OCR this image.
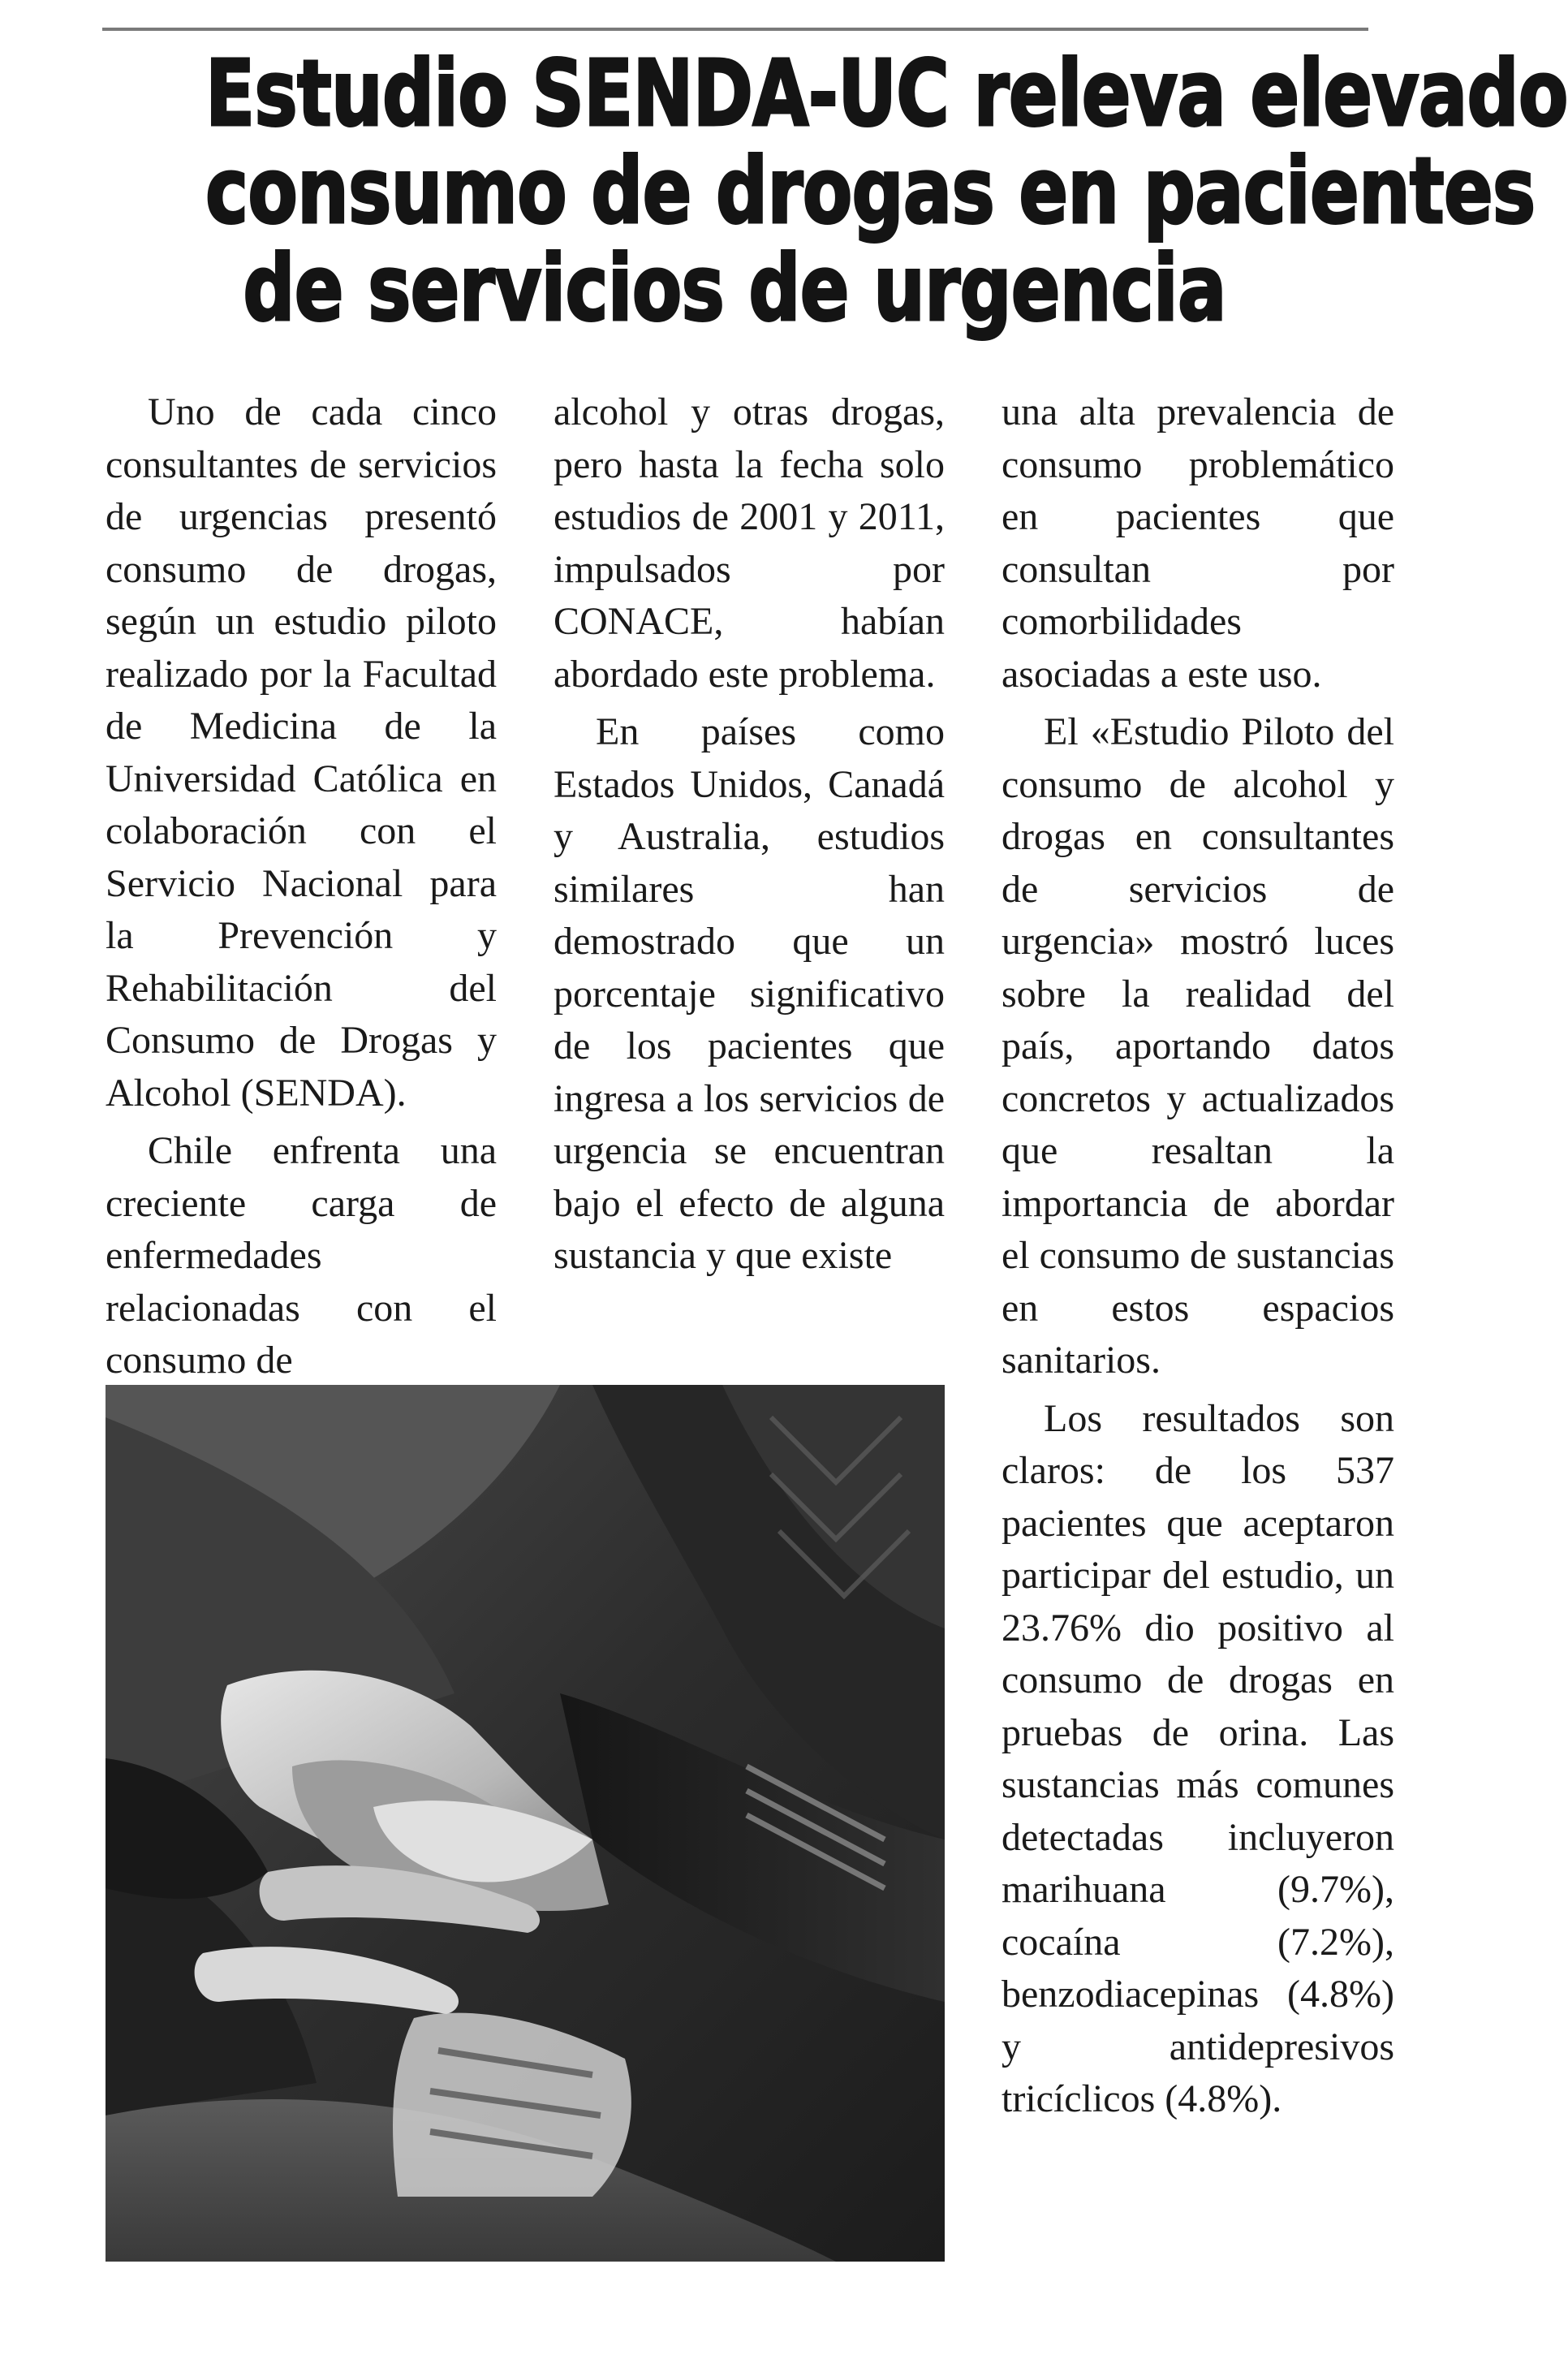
Estudio SENDA-UC releva elevado
consumo de drogas en pacientes
de servicios de urgencia

Uno de cada cinco consultantes de servicios de urgencias presentó consumo de drogas, según un estudio piloto realizado por la Facultad de Medicina de la Universidad Católica en colaboración con el Servicio Nacional para la Prevención y Rehabilitación del Consumo de Drogas y Alcohol (SENDA).

Chile enfrenta una creciente carga de enfermedades relacionadas con el consumo de

alcohol y otras drogas, pero hasta la fecha solo estudios de 2001 y 2011, impulsados por CONACE, habían abordado este problema.

En países como Estados Unidos, Canadá y Australia, estudios similares han demostrado que un porcentaje significativo de los pacientes que ingresa a los servicios de urgencia se encuentran bajo el efecto de alguna sustancia y que existe

una alta prevalencia de consumo problemático en pacientes que consultan por comorbilidades asociadas a este uso.

El «Estudio Piloto del consumo de alcohol y drogas en consultantes de servicios de urgencia» mostró luces sobre la realidad del país, aportando datos concretos y actualizados que resaltan la importancia de abordar el consumo de sustancias en estos espacios sanitarios.

Los resultados son claros: de los 537 pacientes que aceptaron participar del estudio, un 23.76% dio positivo al consumo de drogas en pruebas de orina. Las sustancias más comunes detectadas incluyeron marihuana (9.7%), cocaína (7.2%), benzodiacepinas (4.8%) y antidepresivos tricíclicos (4.8%).
